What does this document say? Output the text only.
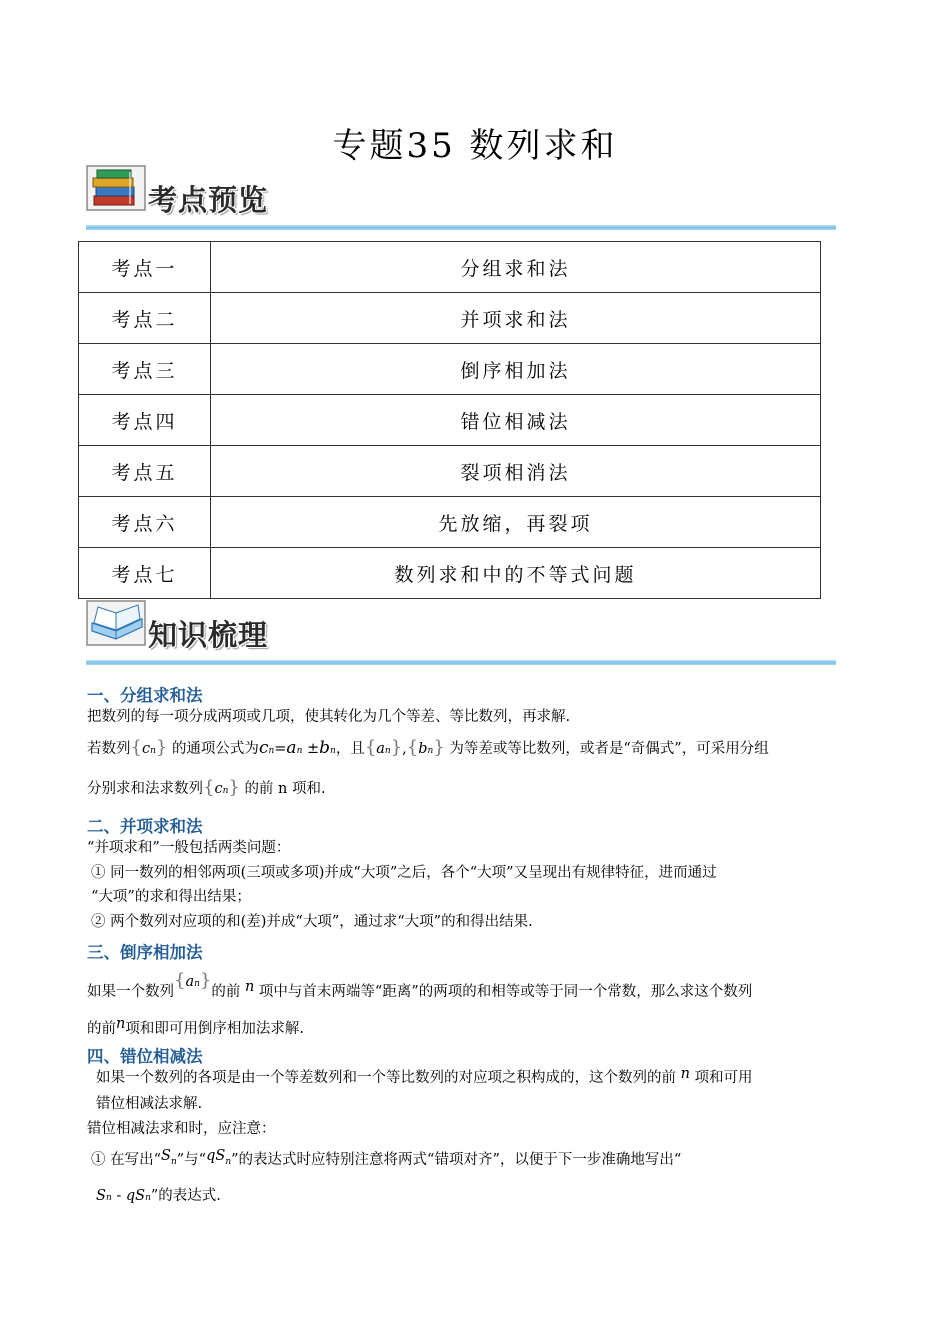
专题35 数列求和
考点预览
考点一	分组求和法
考点二	并项求和法
考点三	倒序相加法
考点四	错位相减法
考点五	裂项相消法
考点六	先放缩，再裂项
考点七	数列求和中的不等式问题
知识梳理
一、分组求和法
把数列的每一项分成两项或几项，使其转化为几个等差、等比数列，再求解.
若数列{cn} 的通项公式为cn=an ±bn，且{an},{bn} 为等差或等比数列，或者是“奇偶式”，可采用分组
分别求和法求数列{cn} 的前 n 项和.
二、并项求和法
“并项求和”一般包括两类问题：
① 同一数列的相邻两项(三项或多项)并成“大项”之后，各个“大项”又呈现出有规律特征，进而通过
“大项”的求和得出结果；
② 两个数列对应项的和(差)并成“大项”，通过求“大项”的和得出结果.
三、倒序相加法
如果一个数列{an}的前 n 项中与首末两端等“距离”的两项的和相等或等于同一个常数，那么求这个数列
的前n项和即可用倒序相加法求解.
四、错位相减法
如果一个数列的各项是由一个等差数列和一个等比数列的对应项之积构成的，这个数列的前 n 项和可用
错位相减法求解.
错位相减法求和时，应注意：
① 在写出“Sn”与“qSn”的表达式时应特别注意将两式“错项对齐”，以便于下一步准确地写出“
Sn - qSn”的表达式.
